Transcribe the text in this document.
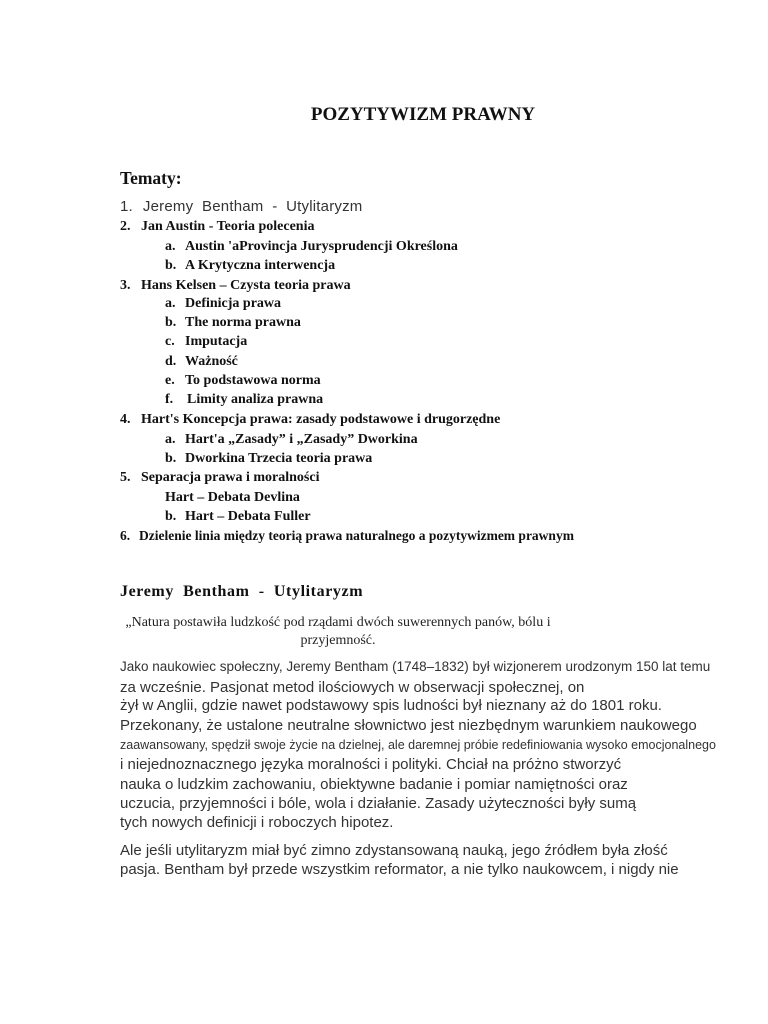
POZYTYWIZM PRAWNY
Tematy:
1. Jeremy  Bentham  -  Utylitaryzm
2. Jan Austin - Teoria polecenia
a. Austin 'aProvincja Jurysprudencji Określona
b. A Krytyczna interwencja
3. Hans Kelsen – Czysta teoria prawa
a. Definicja prawa
b. The norma prawna
c. Imputacja
d. Ważność
e. To podstawowa norma
f. Limity analiza prawna
4. Hart's Koncepcja prawa: zasady podstawowe i drugorzędne
a. Hart'a „Zasady” i „Zasady” Dworkina
b. Dworkina Trzecia teoria prawa
5. Separacja prawa i moralności
Hart – Debata Devlina
b. Hart – Debata Fuller
6. Dzielenie linia między teorią prawa naturalnego a pozytywizmem prawnym
Jeremy  Bentham  -  Utylitaryzm
„Natura postawiła ludzkość pod rządami dwóch suwerennych panów, bólu i
przyjemność.
Jako naukowiec społeczny, Jeremy Bentham (1748–1832) był wizjonerem urodzonym 150 lat temu
za wcześnie. Pasjonat metod ilościowych w obserwacji społecznej, on
żył w Anglii, gdzie nawet podstawowy spis ludności był nieznany aż do 1801 roku.
Przekonany, że ustalone neutralne słownictwo jest niezbędnym warunkiem naukowego
zaawansowany, spędził swoje życie na dzielnej, ale daremnej próbie redefiniowania wysoko emocjonalnego
i niejednoznacznego języka moralności i polityki. Chciał na próżno stworzyć
nauka o ludzkim zachowaniu, obiektywne badanie i pomiar namiętności oraz
uczucia, przyjemności i bóle, wola i działanie. Zasady użyteczności były sumą
tych nowych definicji i roboczych hipotez.
Ale jeśli utylitaryzm miał być zimno zdystansowaną nauką, jego źródłem była złość
pasja. Bentham był przede wszystkim reformator, a nie tylko naukowcem, i nigdy nie
